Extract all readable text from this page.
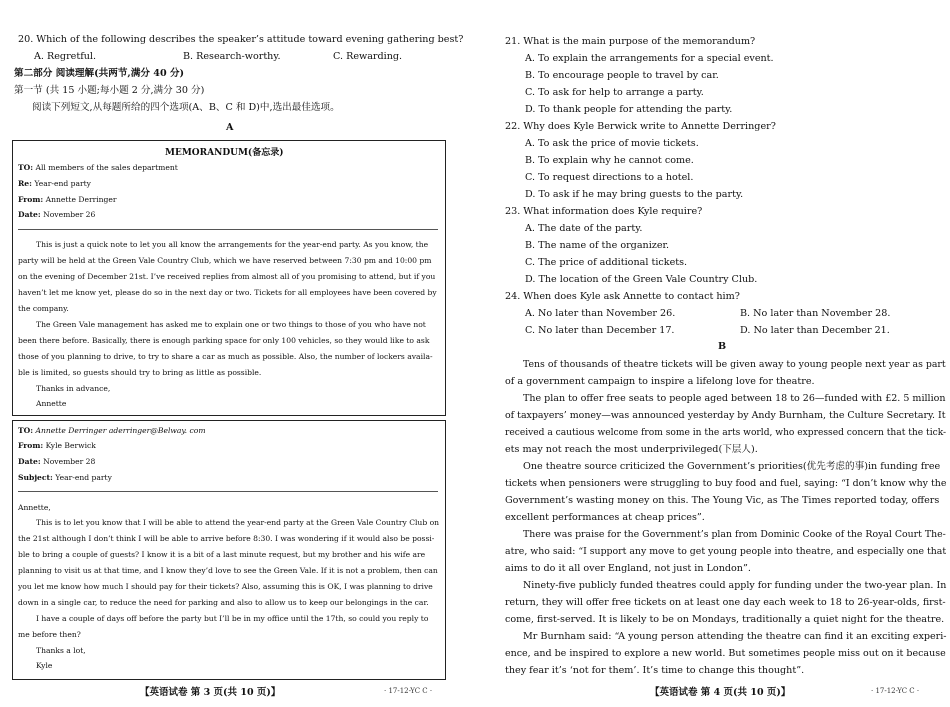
20. Which of the following describes the speaker’s attitude toward evening gathering best?
A. Regretful.	B. Research-worthy.	C. Rewarding.
第二部分 阅读理解(共两节,满分 40 分)
第一节 (共 15 小题;每小题 2 分,满分 30 分)
阅读下列短文,从每题所给的四个选项(A、B、C 和 D)中,选出最佳选项。
A
MEMORANDUM(备忘录)
TO: All members of the sales department
Re: Year-end party
From: Annette Derringer
Date: November 26
This is just a quick note to let you all know the arrangements for the year-end party. As you know, the
party will be held at the Green Vale Country Club, which we have reserved between 7:30 pm and 10:00 pm
on the evening of December 21st. I’ve received replies from almost all of you promising to attend, but if you
haven’t let me know yet, please do so in the next day or two. Tickets for all employees have been covered by
the company.
The Green Vale management has asked me to explain one or two things to those of you who have not
been there before. Basically, there is enough parking space for only 100 vehicles, so they would like to ask
those of you planning to drive, to try to share a car as much as possible. Also, the number of lockers availa-
ble is limited, so guests should try to bring as little as possible.
Thanks in advance,
Annette
TO: Annette Derringer aderringer@Belway. com
From: Kyle Berwick
Date: November 28
Subject: Year-end party
Annette,
This is to let you know that I will be able to attend the year-end party at the Green Vale Country Club on
the 21st although I don’t think I will be able to arrive before 8:30. I was wondering if it would also be possi-
ble to bring a couple of guests? I know it is a bit of a last minute request, but my brother and his wife are
planning to visit us at that time, and I know they’d love to see the Green Vale. If it is not a problem, then can
you let me know how much I should pay for their tickets? Also, assuming this is OK, I was planning to drive
down in a single car, to reduce the need for parking and also to allow us to keep our belongings in the car.
I have a couple of days off before the party but I’ll be in my office until the 17th, so could you reply to
me before then?
Thanks a lot,
Kyle
【英语试卷 第 3 页(共 10 页)】	· 17-12-YC C ·
21. What is the main purpose of the memorandum?
A. To explain the arrangements for a special event.
B. To encourage people to travel by car.
C. To ask for help to arrange a party.
D. To thank people for attending the party.
22. Why does Kyle Berwick write to Annette Derringer?
A. To ask the price of movie tickets.
B. To explain why he cannot come.
C. To request directions to a hotel.
D. To ask if he may bring guests to the party.
23. What information does Kyle require?
A. The date of the party.
B. The name of the organizer.
C. The price of additional tickets.
D. The location of the Green Vale Country Club.
24. When does Kyle ask Annette to contact him?
A. No later than November 26.	B. No later than November 28.
C. No later than December 17.	D. No later than December 21.
B
Tens of thousands of theatre tickets will be given away to young people next year as part
of a government campaign to inspire a lifelong love for theatre.
The plan to offer free seats to people aged between 18 to 26—funded with £2. 5 million
of taxpayers’ money—was announced yesterday by Andy Burnham, the Culture Secretary. It
received a cautious welcome from some in the arts world, who expressed concern that the tick-
ets may not reach the most underprivileged(下层人).
One theatre source criticized the Government’s priorities(优先考虑的事)in funding free
tickets when pensioners were struggling to buy food and fuel, saying: “I don’t know why the
Government’s wasting money on this. The Young Vic, as The Times reported today, offers
excellent performances at cheap prices”.
There was praise for the Government’s plan from Dominic Cooke of the Royal Court The-
atre, who said: “I support any move to get young people into theatre, and especially one that
aims to do it all over England, not just in London”.
Ninety-five publicly funded theatres could apply for funding under the two-year plan. In
return, they will offer free tickets on at least one day each week to 18 to 26-year-olds, first-
come, first-served. It is likely to be on Mondays, traditionally a quiet night for the theatre.
Mr Burnham said: “A young person attending the theatre can find it an exciting experi-
ence, and be inspired to explore a new world. But sometimes people miss out on it because
they fear it’s ‘not for them’. It’s time to change this thought”.
【英语试卷 第 4 页(共 10 页)】	· 17-12-YC C ·
